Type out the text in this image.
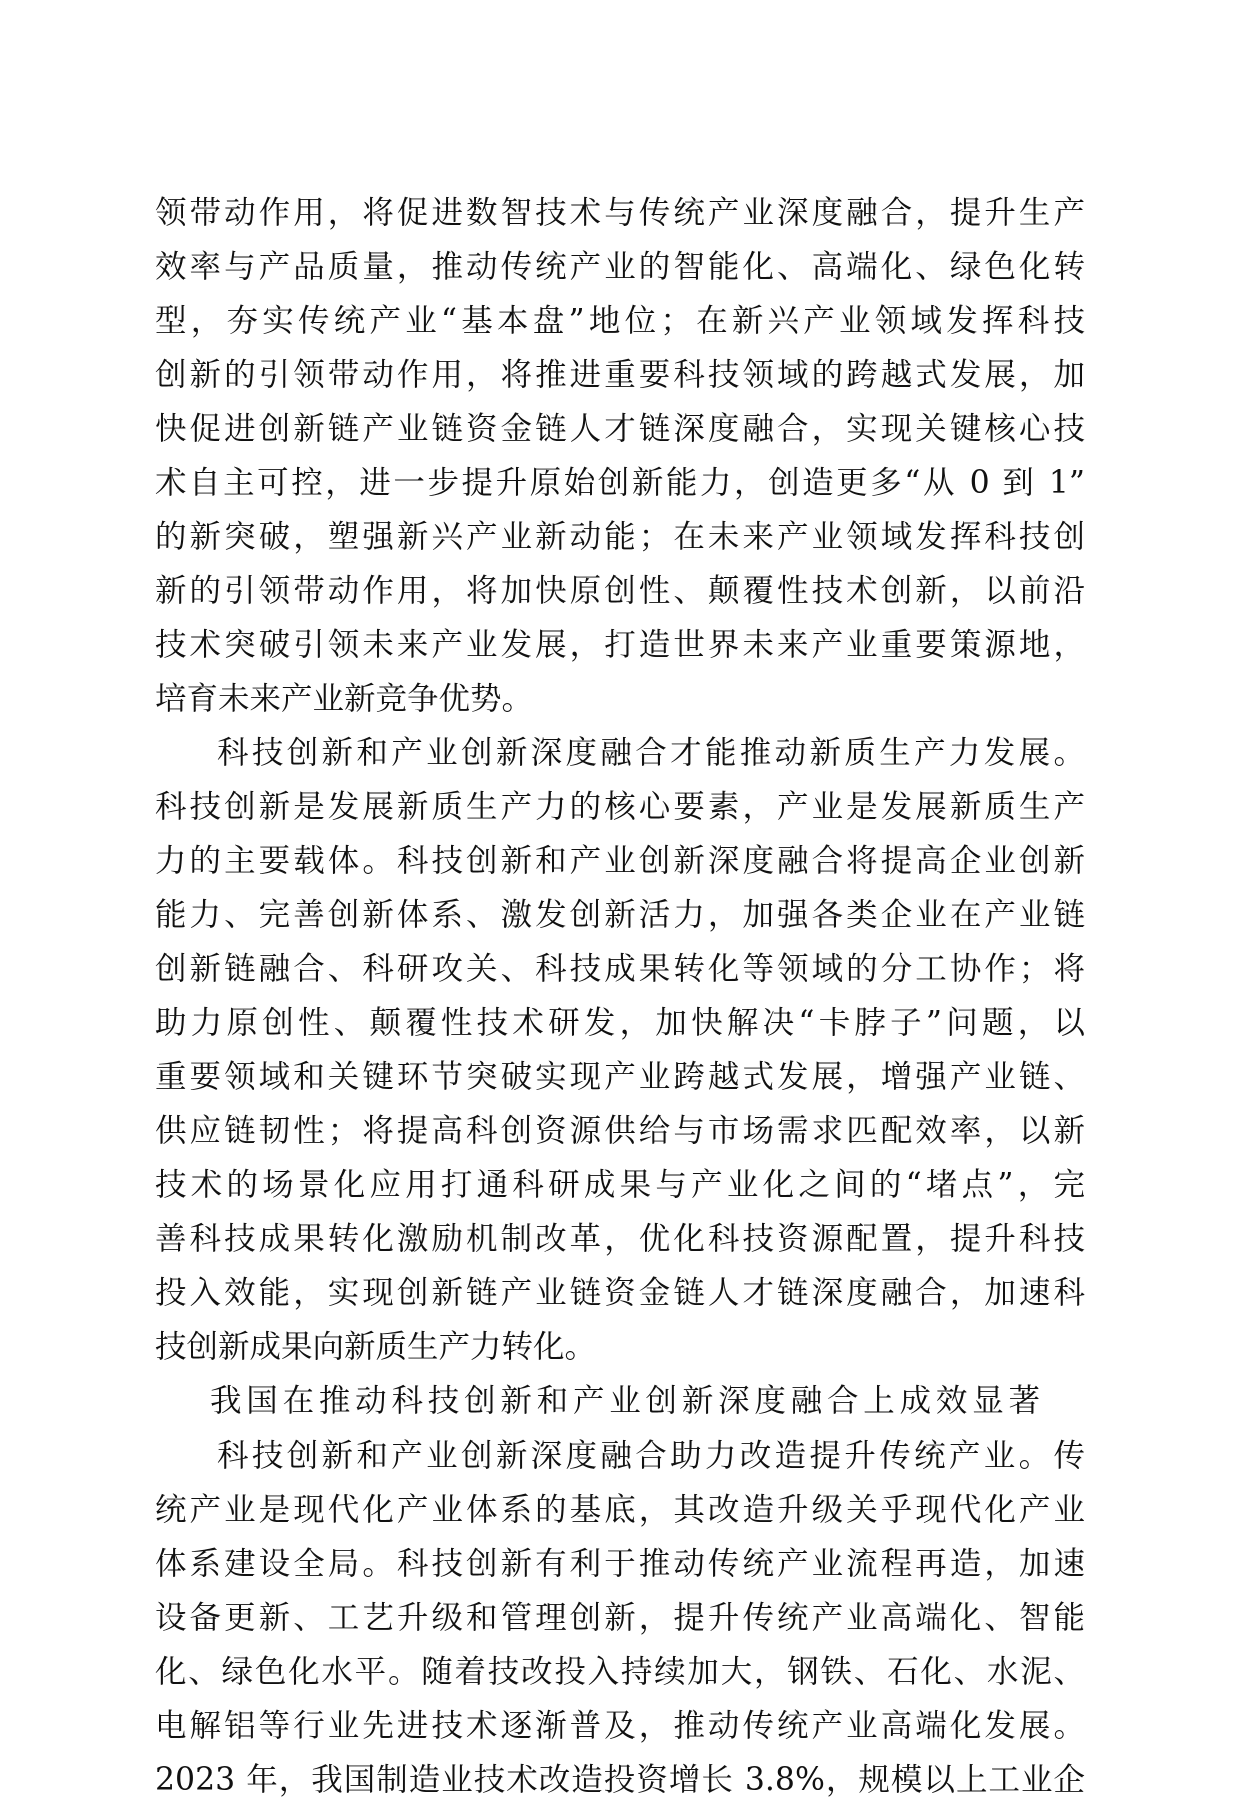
领带动作用，将促进数智技术与传统产业深度融合，提升生产
效率与产品质量，推动传统产业的智能化、高端化、绿色化转
型，夯实传统产业“基本盘”地位；在新兴产业领域发挥科技
创新的引领带动作用，将推进重要科技领域的跨越式发展，加
快促进创新链产业链资金链人才链深度融合，实现关键核心技
术自主可控，进一步提升原始创新能力，创造更多“从 0 到 1”
的新突破，塑强新兴产业新动能；在未来产业领域发挥科技创
新的引领带动作用，将加快原创性、颠覆性技术创新，以前沿
技术突破引领未来产业发展，打造世界未来产业重要策源地，
培育未来产业新竞争优势。
科技创新和产业创新深度融合才能推动新质生产力发展。
科技创新是发展新质生产力的核心要素，产业是发展新质生产
力的主要载体。科技创新和产业创新深度融合将提高企业创新
能力、完善创新体系、激发创新活力，加强各类企业在产业链
创新链融合、科研攻关、科技成果转化等领域的分工协作；将
助力原创性、颠覆性技术研发，加快解决“卡脖子”问题，以
重要领域和关键环节突破实现产业跨越式发展，增强产业链、
供应链韧性；将提高科创资源供给与市场需求匹配效率，以新
技术的场景化应用打通科研成果与产业化之间的“堵点”，完
善科技成果转化激励机制改革，优化科技资源配置，提升科技
投入效能，实现创新链产业链资金链人才链深度融合，加速科
技创新成果向新质生产力转化。
我国在推动科技创新和产业创新深度融合上成效显著
科技创新和产业创新深度融合助力改造提升传统产业。传
统产业是现代化产业体系的基底，其改造升级关乎现代化产业
体系建设全局。科技创新有利于推动传统产业流程再造，加速
设备更新、工艺升级和管理创新，提升传统产业高端化、智能
化、绿色化水平。随着技改投入持续加大，钢铁、石化、水泥、
电解铝等行业先进技术逐渐普及，推动传统产业高端化发展。
2023 年，我国制造业技术改造投资增长 3.8%，规模以上工业企
